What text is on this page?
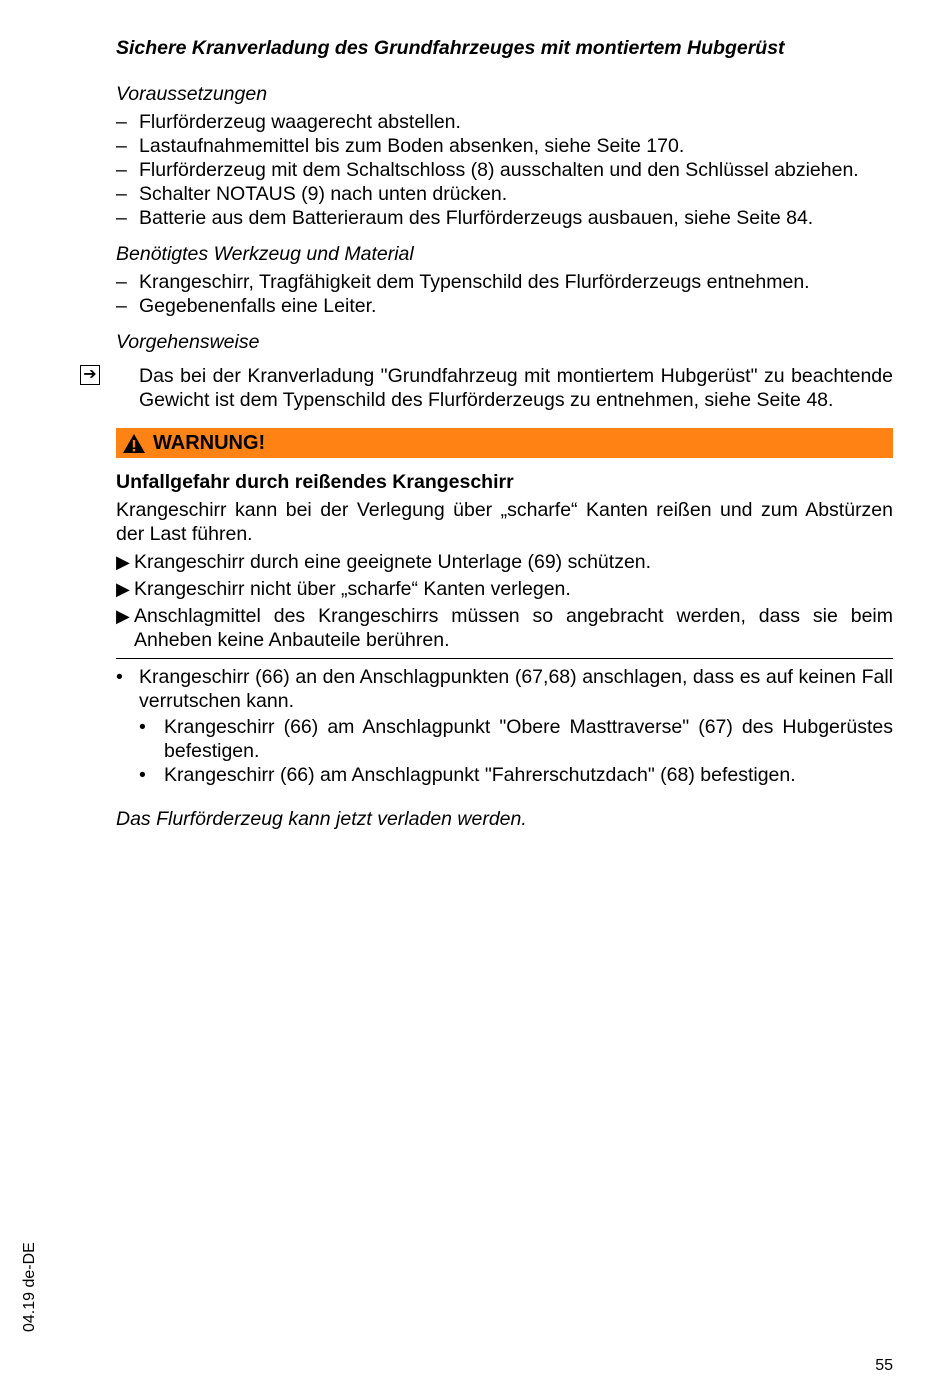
Sichere Kranverladung des Grundfahrzeuges mit montiertem Hubgerüst

Voraussetzungen

– Flurförderzeug waagerecht abstellen.
– Lastaufnahmemittel bis zum Boden absenken, siehe Seite 170.
– Flurförderzeug mit dem Schaltschloss (8) ausschalten und den Schlüssel abziehen.
– Schalter NOTAUS (9) nach unten drücken.
– Batterie aus dem Batterieraum des Flurförderzeugs ausbauen, siehe Seite 84.

Benötigtes Werkzeug und Material

– Krangeschirr, Tragfähigkeit dem Typenschild des Flurförderzeugs entnehmen.
– Gegebenenfalls eine Leiter.

Vorgehensweise

➔ Das bei der Kranverladung "Grundfahrzeug mit montiertem Hubgerüst" zu beachtende Gewicht ist dem Typenschild des Flurförderzeugs zu entnehmen, siehe Seite 48.
WARNUNG!

Unfallgefahr durch reißendes Krangeschirr

Krangeschirr kann bei der Verlegung über „scharfe“ Kanten reißen und zum Abstürzen der Last führen.

▶ Krangeschirr durch eine geeignete Unterlage (69) schützen.
▶ Krangeschirr nicht über „scharfe“ Kanten verlegen.
▶ Anschlagmittel des Krangeschirrs müssen so angebracht werden, dass sie beim Anheben keine Anbauteile berühren.
• Krangeschirr (66) an den Anschlagpunkten (67,68) anschlagen, dass es auf keinen Fall verrutschen kann.
• Krangeschirr (66) am Anschlagpunkt "Obere Masttraverse" (67) des Hubgerüstes befestigen.
• Krangeschirr (66) am Anschlagpunkt "Fahrerschutzdach" (68) befestigen.

Das Flurförderzeug kann jetzt verladen werden.

04.19 de-DE
55
